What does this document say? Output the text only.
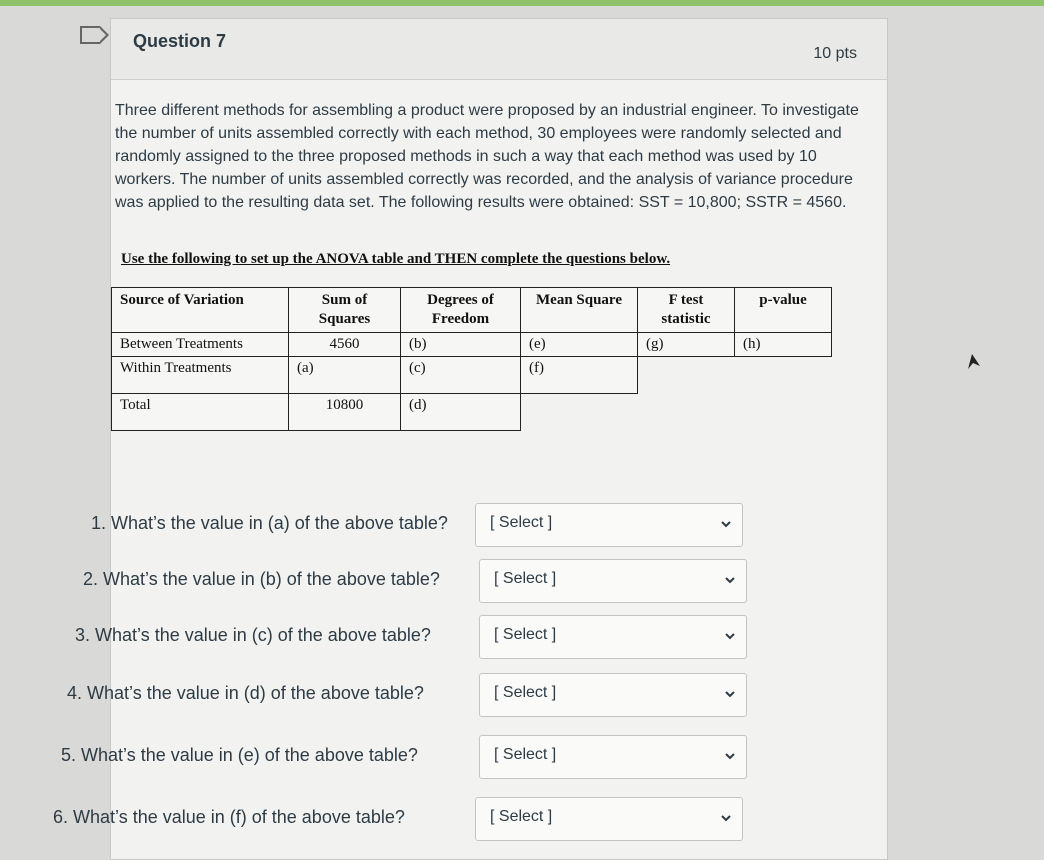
Question 7
10 pts
Three different methods for assembling a product were proposed by an industrial engineer. To investigate the number of units assembled correctly with each method, 30 employees were randomly selected and randomly assigned to the three proposed methods in such a way that each method was used by 10 workers. The number of units assembled correctly was recorded, and the analysis of variance procedure was applied to the resulting data set. The following results were obtained: SST = 10,800; SSTR = 4560.
Use the following to set up the ANOVA table and THEN complete the questions below.
Source of Variation	Sum of Squares	Degrees of Freedom	Mean Square	F test statistic	p-value
Between Treatments	4560	(b)	(e)	(g)	(h)
Within Treatments	(a)	(c)	(f)		
Total	10800	(d)			
1. What’s the value in (a) of the above table?	[ Select ]
2. What’s the value in (b) of the above table?	[ Select ]
3. What’s the value in (c) of the above table?	[ Select ]
4. What’s the value in (d) of the above table?	[ Select ]
5. What’s the value in (e) of the above table?	[ Select ]
6. What’s the value in (f) of the above table?	[ Select ]
